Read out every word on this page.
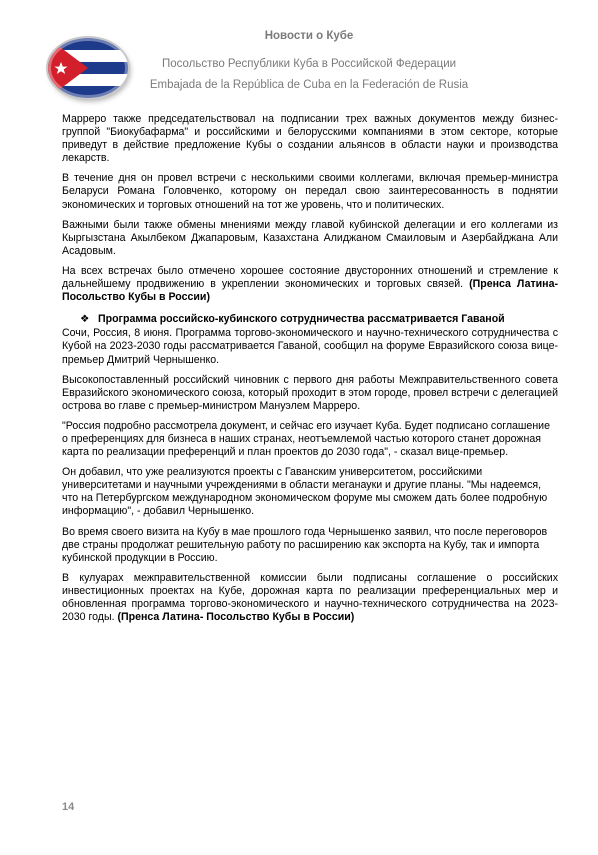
Новости о Кубе
Посольство Республики Куба в Российской Федерации
Embajada de la República de Cuba en la Federación de Rusia

Марреро также председательствовал на подписании трех важных документов между бизнес-группой "Биокубафарма" и российскими и белорусскими компаниями в этом секторе, которые приведут в действие предложение Кубы о создании альянсов в области науки и производства лекарств.

В течение дня он провел встречи с несколькими своими коллегами, включая премьер-министра Беларуси Романа Головченко, которому он передал свою заинтересованность в поднятии экономических и торговых отношений на тот же уровень, что и политических.

Важными были также обмены мнениями между главой кубинской делегации и его коллегами из Кыргызстана Акылбеком Джапаровым, Казахстана Алиджаном Смаиловым и Азербайджана Али Асадовым.

На всех встречах было отмечено хорошее состояние двусторонних отношений и стремление к дальнейшему продвижению в укреплении экономических и торговых связей. (Пренса Латина- Посольство Кубы в России)

❖ Программа российско-кубинского сотрудничества рассматривается Гаваной

Сочи, Россия, 8 июня. Программа торгово-экономического и научно-технического сотрудничества с Кубой на 2023-2030 годы рассматривается Гаваной, сообщил на форуме Евразийского союза вице-премьер Дмитрий Чернышенко.

Высокопоставленный российский чиновник с первого дня работы Межправительственного совета Евразийского экономического союза, который проходит в этом городе, провел встречи с делегацией острова во главе с премьер-министром Мануэлем Марреро.

"Россия подробно рассмотрела документ, и сейчас его изучает Куба. Будет подписано соглашение о преференциях для бизнеса в наших странах, неотъемлемой частью которого станет дорожная карта по реализации преференций и план проектов до 2030 года", - сказал вице-премьер.

Он добавил, что уже реализуются проекты с Гаванским университетом, российскими университетами и научными учреждениями в области меганауки и другие планы. "Мы надеемся, что на Петербургском международном экономическом форуме мы сможем дать более подробную информацию", - добавил Чернышенко.

Во время своего визита на Кубу в мае прошлого года Чернышенко заявил, что после переговоров две страны продолжат решительную работу по расширению как экспорта на Кубу, так и импорта кубинской продукции в Россию.

В кулуарах межправительственной комиссии были подписаны соглашение о российских инвестиционных проектах на Кубе, дорожная карта по реализации преференциальных мер и обновленная программа торгово-экономического и научно-технического сотрудничества на 2023-2030 годы. (Пренса Латина- Посольство Кубы в России)

14
